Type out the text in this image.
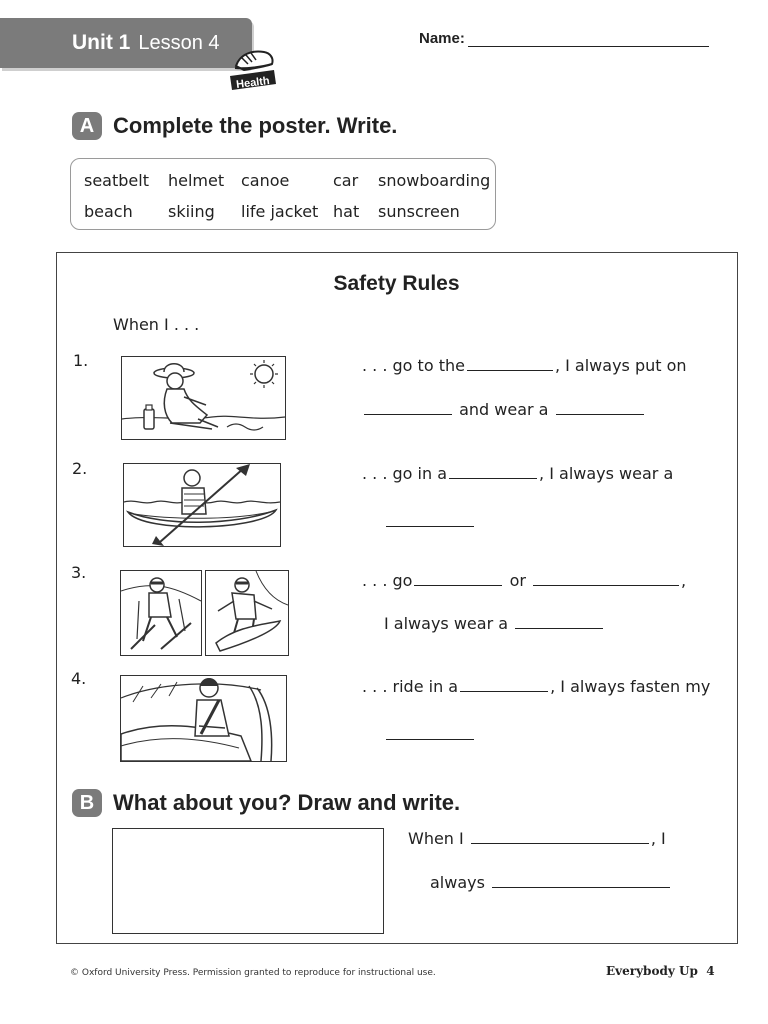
Unit 1 Lesson 4
Health
Name:
A Complete the poster. Write.
seatbelt helmet canoe	car snowboarding
beach skiing life jacket hat sunscreen
Safety Rules
When I . . .
1.	. . . go to the	, I always put on
and wear a
2.	. . . go in a	, I always wear a
3.	. . . go	or	,
I always wear a
4.	. . . ride in a	, I always fasten my
B What about you? Draw and write.
When I	, I
always
© Oxford University Press. Permission granted to reproduce for instructional use.	Everybody Up 4
